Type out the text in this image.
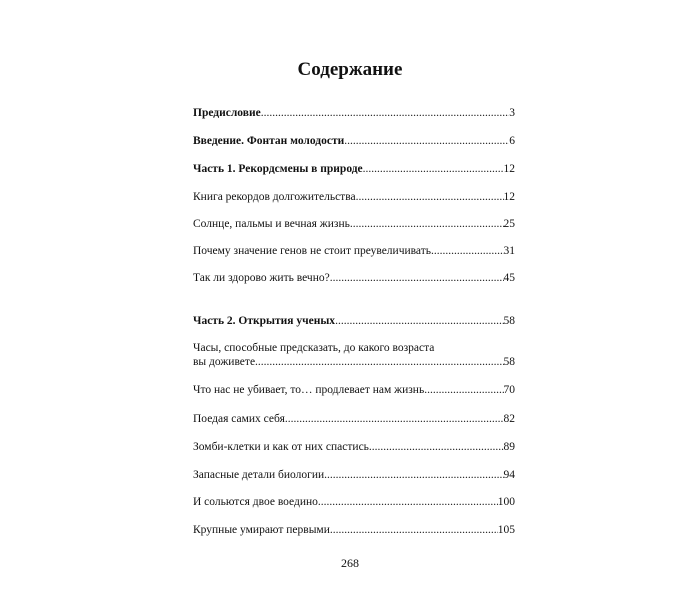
Содержание
Предисловие .....	3
Введение. Фонтан молодости .....	6
Часть 1. Рекордсмены в природе .....	12
Книга рекордов долгожительства .....	12
Солнце, пальмы и вечная жизнь .....	25
Почему значение генов не стоит преувеличивать .....	31
Так ли здорово жить вечно? .....	45
Часть 2. Открытия ученых .....	58
Часы, способные предсказать, до какого возраста
вы доживете .....	58
Что нас не убивает, то… продлевает нам жизнь .....	70
Поедая самих себя .....	82
Зомби-клетки и как от них спастись .....	89
Запасные детали биологии .....	94
И сольются двое воедино .....	100
Крупные умирают первыми .....	105
268
